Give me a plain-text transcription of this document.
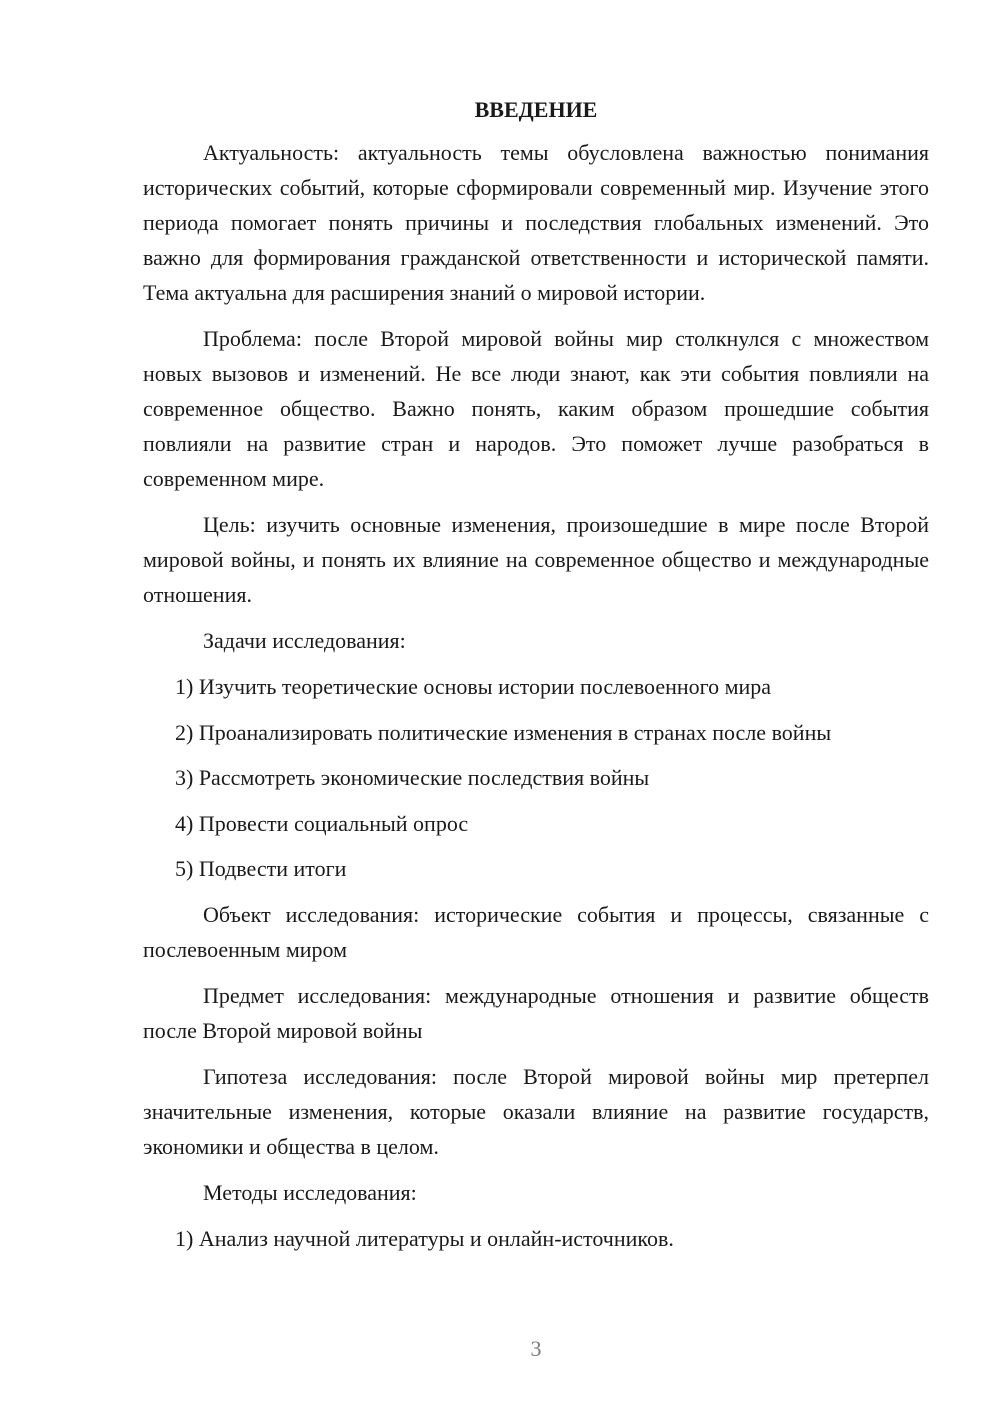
ВВЕДЕНИЕ

Актуальность: актуальность темы обусловлена важностью понимания исторических событий, которые сформировали современный мир. Изучение этого периода помогает понять причины и последствия глобальных изменений. Это важно для формирования гражданской ответственности и исторической памяти. Тема актуальна для расширения знаний о мировой истории.

Проблема: после Второй мировой войны мир столкнулся с множеством новых вызовов и изменений. Не все люди знают, как эти события повлияли на современное общество. Важно понять, каким образом прошедшие события повлияли на развитие стран и народов. Это поможет лучше разобраться в современном мире.

Цель: изучить основные изменения, произошедшие в мире после Второй мировой войны, и понять их влияние на современное общество и международные отношения.

Задачи исследования:

1) Изучить теоретические основы истории послевоенного мира
2) Проанализировать политические изменения в странах после войны
3) Рассмотреть экономические последствия войны
4) Провести социальный опрос
5) Подвести итоги

Объект исследования: исторические события и процессы, связанные с послевоенным миром

Предмет исследования: международные отношения и развитие обществ после Второй мировой войны

Гипотеза исследования: после Второй мировой войны мир претерпел значительные изменения, которые оказали влияние на развитие государств, экономики и общества в целом.

Методы исследования:

1) Анализ научной литературы и онлайн-источников.
3
